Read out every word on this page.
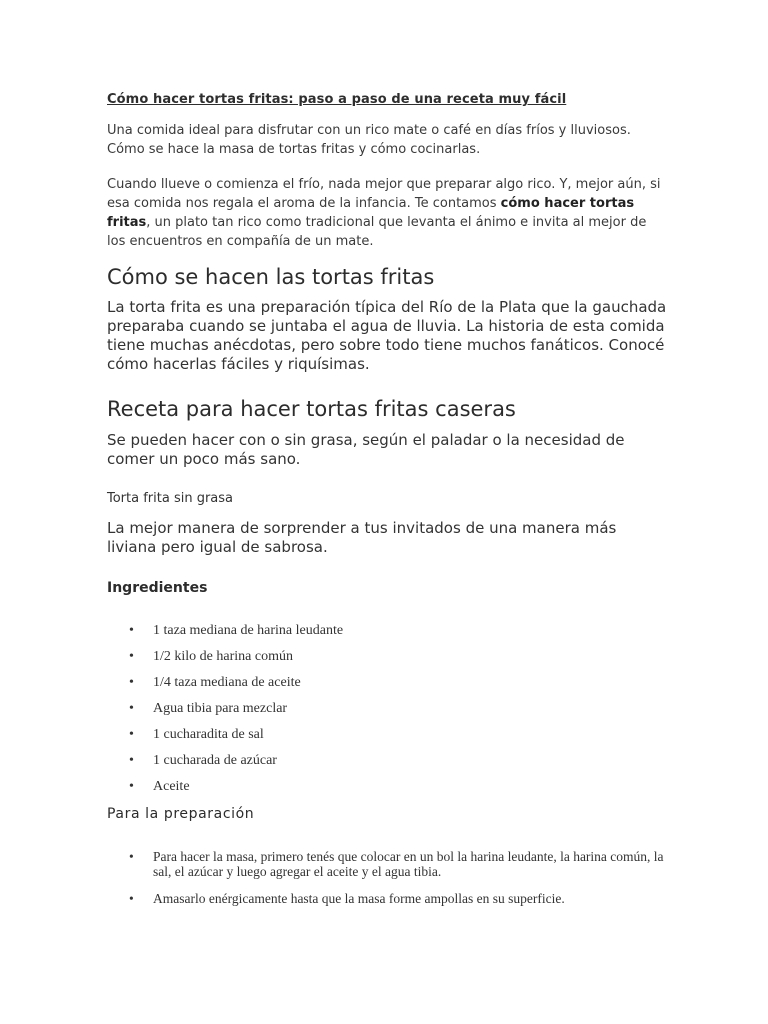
Cómo hacer tortas fritas: paso a paso de una receta muy fácil

Una comida ideal para disfrutar con un rico mate o café en días fríos y lluviosos. Cómo se hace la masa de tortas fritas y cómo cocinarlas.

Cuando llueve o comienza el frío, nada mejor que preparar algo rico. Y, mejor aún, si esa comida nos regala el aroma de la infancia. Te contamos cómo hacer tortas fritas, un plato tan rico como tradicional que levanta el ánimo e invita al mejor de los encuentros en compañía de un mate.

Cómo se hacen las tortas fritas

La torta frita es una preparación típica del Río de la Plata que la gauchada preparaba cuando se juntaba el agua de lluvia. La historia de esta comida tiene muchas anécdotas, pero sobre todo tiene muchos fanáticos. Conocé cómo hacerlas fáciles y riquísimas.

Receta para hacer tortas fritas caseras

Se pueden hacer con o sin grasa, según el paladar o la necesidad de comer un poco más sano.

Torta frita sin grasa

La mejor manera de sorprender a tus invitados de una manera más liviana pero igual de sabrosa.

Ingredientes
• 1 taza mediana de harina leudante
• 1/2 kilo de harina común
• 1/4 taza mediana de aceite
• Agua tibia para mezclar
• 1 cucharadita de sal
• 1 cucharada de azúcar
• Aceite
Para la preparación
• Para hacer la masa, primero tenés que colocar en un bol la harina leudante, la harina común, la sal, el azúcar y luego agregar el aceite y el agua tibia.
• Amasarlo enérgicamente hasta que la masa forme ampollas en su superficie.
